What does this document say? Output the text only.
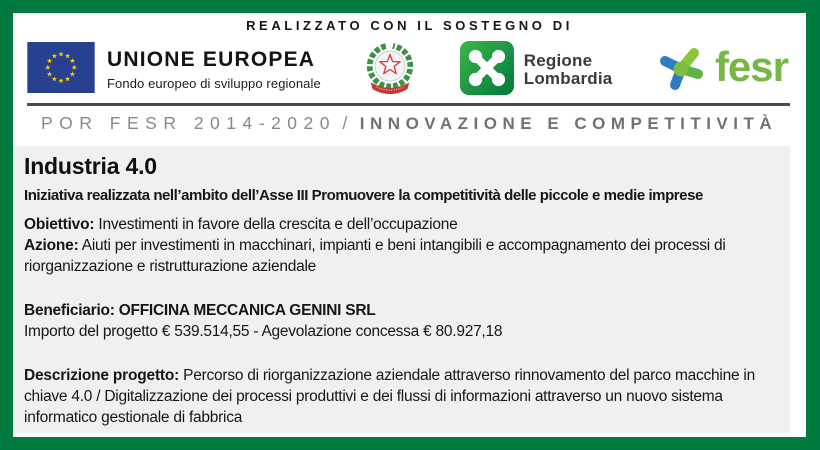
REALIZZATO CON IL SOSTEGNO DI
UNIONE EUROPEA
Fondo europeo di sviluppo regionale
Regione
Lombardia fesr
POR FESR 2014-2020 / INNOVAZIONE E COMPETITIVITÀ
Industria 4.0
Iniziativa realizzata nell’ambito dell’Asse III Promuovere la competitività delle piccole e medie imprese
Obiettivo: Investimenti in favore della crescita e dell’occupazione
Azione: Aiuti per investimenti in macchinari, impianti e beni intangibili e accompagnamento dei processi di riorganizzazione e ristrutturazione aziendale
Beneficiario: OFFICINA MECCANICA GENINI SRL
Importo del progetto € 539.514,55 - Agevolazione concessa € 80.927,18
Descrizione progetto: Percorso di riorganizzazione aziendale attraverso rinnovamento del parco macchine in chiave 4.0 / Digitalizzazione dei processi produttivi e dei flussi di informazioni attraverso un nuovo sistema informatico gestionale di fabbrica
